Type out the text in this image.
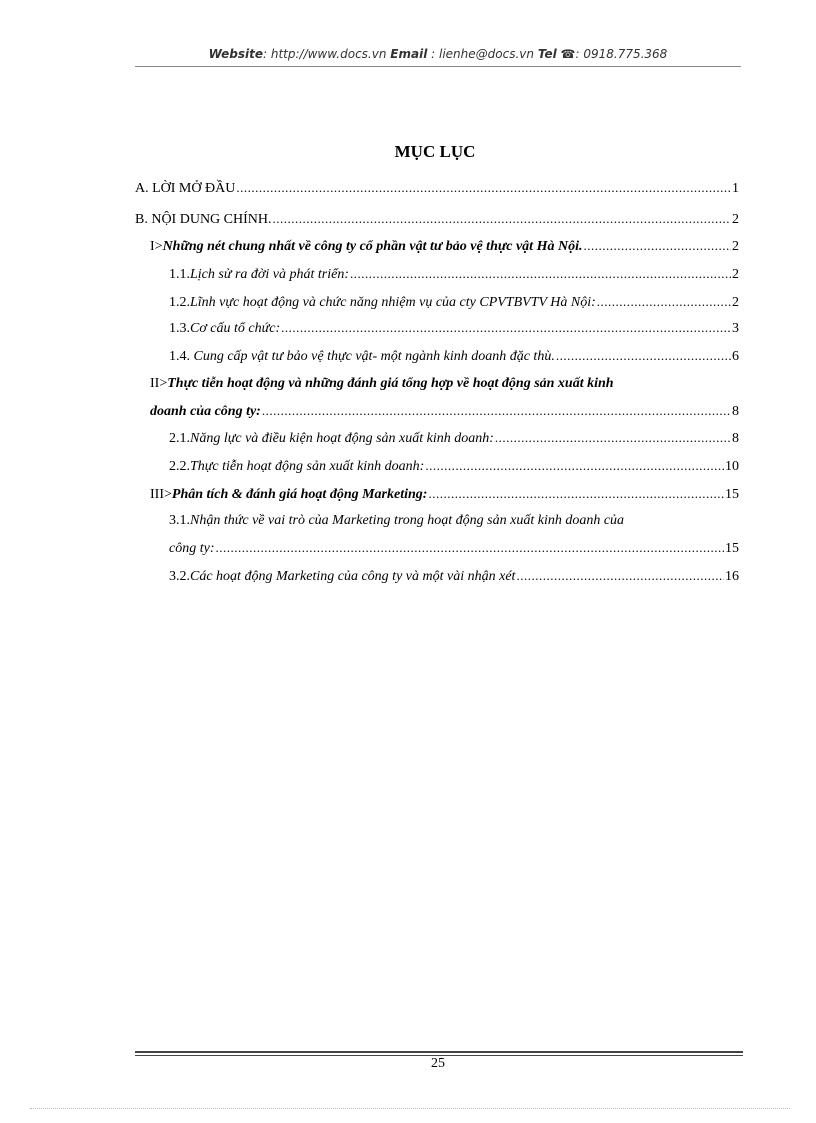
Website: http://www.docs.vn Email : lienhe@docs.vn Tel ☎: 0918.775.368
MỤC LỤC
A. LỜI MỞ ĐẦU .....	1
B. NỘI DUNG CHÍNH. .....	2
I>Những nét chung nhất về công ty cổ phần vật tư bảo vệ thực vật Hà Nội. .....	2
1.1.Lịch sử ra đời và phát triển: .....	2
1.2.Lĩnh vực hoạt động và chức năng nhiệm vụ của cty CPVTBVTV Hà Nội: .....	2
1.3.Cơ cấu tổ chức: .....	3
1.4. Cung cấp vật tư bảo vệ thực vật- một ngành kinh doanh đặc thù. .....	6
II>Thực tiễn hoạt động và những đánh giá tổng hợp về hoạt động sản xuất kinh
doanh của công ty: .....	8
2.1.Năng lực và điều kiện hoạt động sản xuất kinh doanh: .....	8
2.2.Thực tiễn hoạt động sản xuất kinh doanh: .....	10
III>Phân tích & đánh giá hoạt động Marketing: .....	15
3.1.Nhận thức về vai trò của Marketing trong hoạt động sản xuất kinh doanh của
công ty: .....	15
3.2.Các hoạt động Marketing của công ty và một vài nhận xét .....	16
25
